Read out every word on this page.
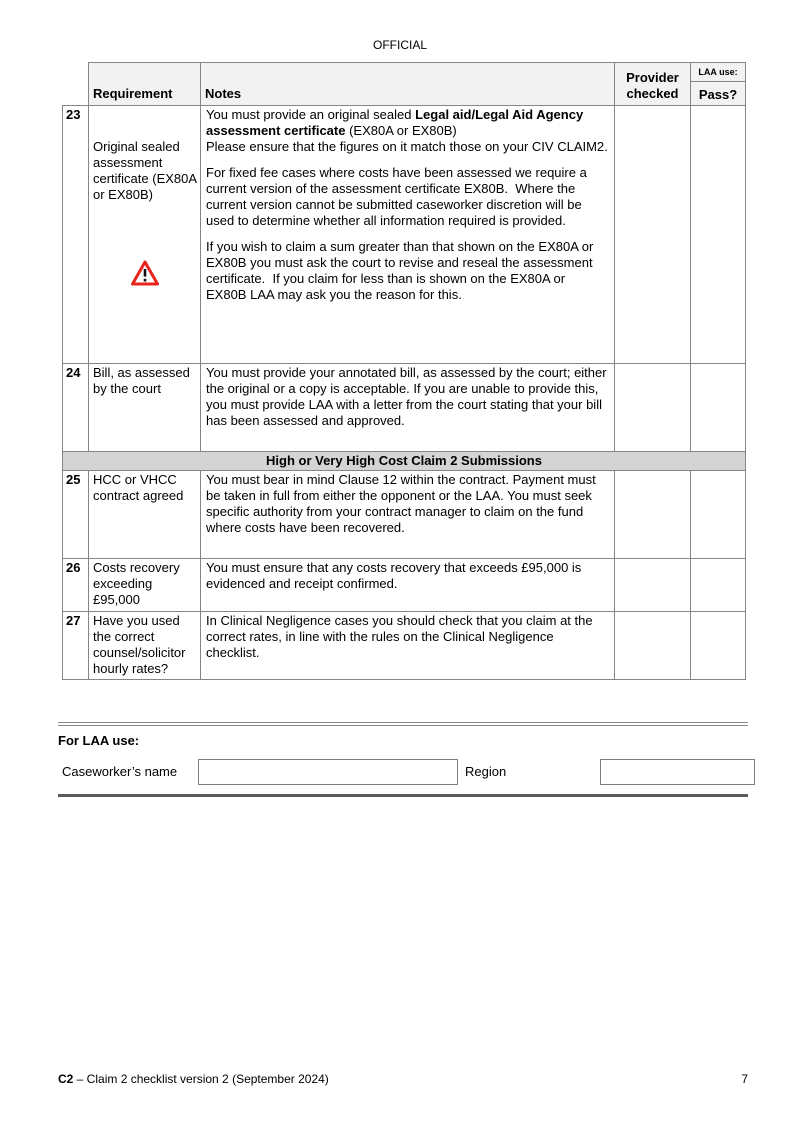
OFFICIAL
	Requirement	Notes	Provider checked	LAA use:
Pass?

23	Original sealed assessment certificate (EX80A or EX80B)	You must provide an original sealed Legal aid/Legal Aid Agency assessment certificate (EX80A or EX80B)
Please ensure that the figures on it match those on your CIV CLAIM2.

For fixed fee cases where costs have been assessed we require a current version of the assessment certificate EX80B.  Where the current version cannot be submitted caseworker discretion will be used to determine whether all information required is provided.

If you wish to claim a sum greater than that shown on the EX80A or EX80B you must ask the court to revise and reseal the assessment certificate.  If you claim for less than is shown on the EX80A or EX80B LAA may ask you the reason for this.		

24	Bill, as assessed by the court	You must provide your annotated bill, as assessed by the court; either the original or a copy is acceptable. If you are unable to provide this, you must provide LAA with a letter from the court stating that your bill has been assessed and approved.		

High or Very High Cost Claim 2 Submissions				
25	HCC or VHCC contract agreed	You must bear in mind Clause 12 within the contract. Payment must be taken in full from either the opponent or the LAA. You must seek specific authority from your contract manager to claim on the fund where costs have been recovered.		

26	Costs recovery exceeding £95,000	You must ensure that any costs recovery that exceeds £95,000 is evidenced and receipt confirmed.		

27	Have you used the correct counsel/solicitor hourly rates?	In Clinical Negligence cases you should check that you claim at the correct rates, in line with the rules on the Clinical Negligence checklist.		

For LAA use:
Caseworker’s name	Region
C2 – Claim 2 checklist version 2 (September 2024)	7
